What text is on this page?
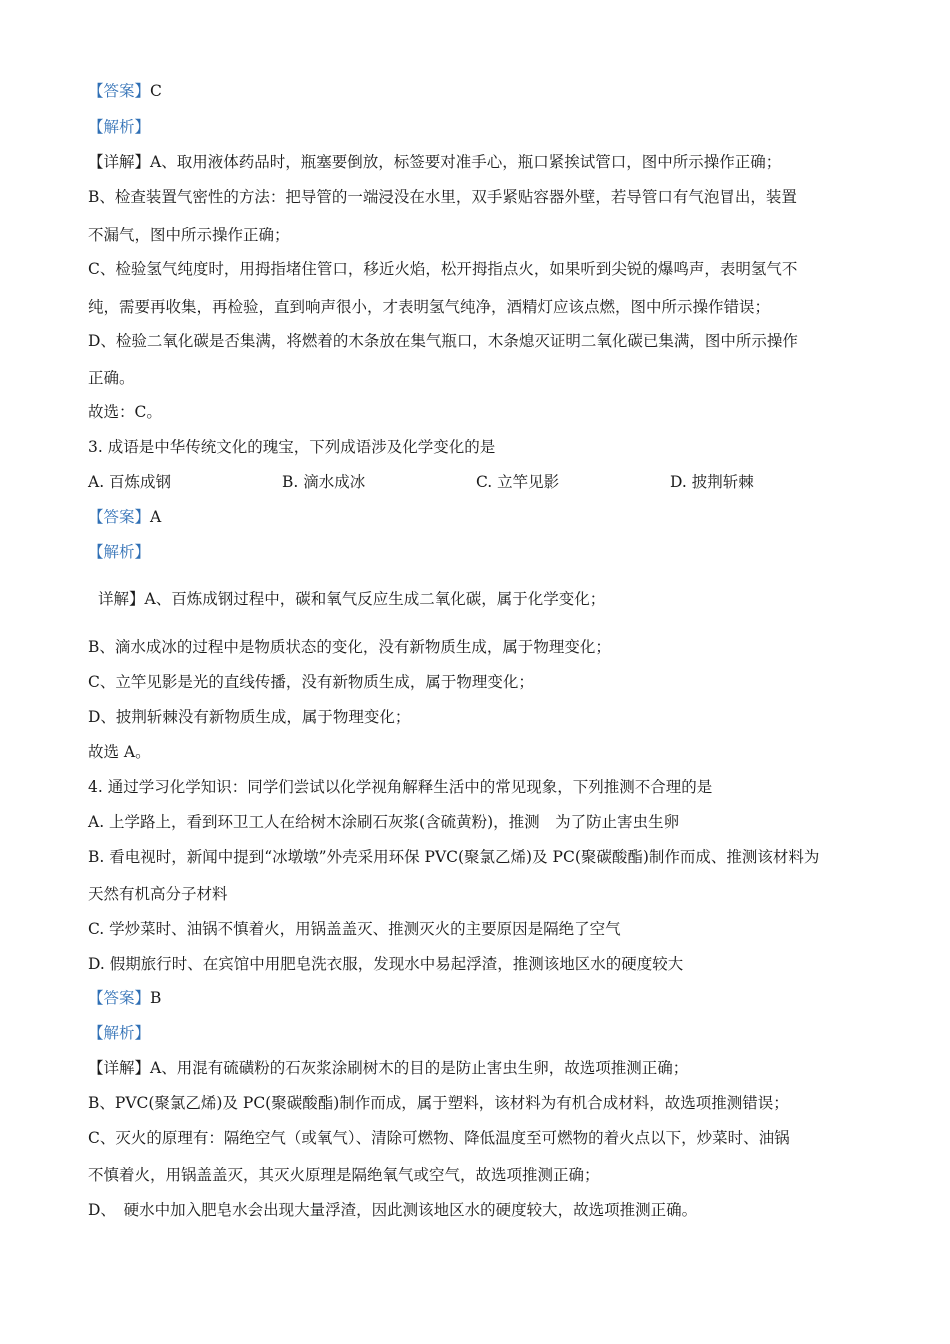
【答案】C
【解析】
【详解】A、取用液体药品时，瓶塞要倒放，标签要对准手心，瓶口紧挨试管口，图中所示操作正确；
B、检查装置气密性的方法：把导管的一端浸没在水里，双手紧贴容器外壁，若导管口有气泡冒出，装置
不漏气，图中所示操作正确；
C、检验氢气纯度时，用拇指堵住管口，移近火焰，松开拇指点火，如果听到尖锐的爆鸣声，表明氢气不
纯，需要再收集，再检验，直到响声很小，才表明氢气纯净，酒精灯应该点燃，图中所示操作错误；
D、检验二氧化碳是否集满，将燃着的木条放在集气瓶口，木条熄灭证明二氧化碳已集满，图中所示操作
正确。
故选：C。
3. 成语是中华传统文化的瑰宝，下列成语涉及化学变化的是
A. 百炼成钢	B. 滴水成冰	C. 立竿见影	D. 披荆斩棘
【答案】A
【解析】
详解】A、百炼成钢过程中，碳和氧气反应生成二氧化碳，属于化学变化；
B、滴水成冰的过程中是物质状态的变化，没有新物质生成，属于物理变化；
C、立竿见影是光的直线传播，没有新物质生成，属于物理变化；
D、披荆斩棘没有新物质生成，属于物理变化；
故选 A。
4. 通过学习化学知识：同学们尝试以化学视角解释生活中的常见现象，下列推测不合理的是
A. 上学路上，看到环卫工人在给树木涂刷石灰浆(含硫黄粉)，推测　为了防止害虫生卵
B. 看电视时，新闻中提到“冰墩墩”外壳采用环保 PVC(聚氯乙烯)及 PC(聚碳酸酯)制作而成、推测该材料为
天然有机高分子材料
C. 学炒菜时、油锅不慎着火，用锅盖盖灭、推测灭火的主要原因是隔绝了空气
D. 假期旅行时、在宾馆中用肥皂洗衣服，发现水中易起浮渣，推测该地区水的硬度较大
【答案】B
【解析】
【详解】A、用混有硫磺粉的石灰浆涂刷树木的目的是防止害虫生卵，故选项推测正确；
B、PVC(聚氯乙烯)及 PC(聚碳酸酯)制作而成，属于塑料，该材料为有机合成材料，故选项推测错误；
C、灭火的原理有：隔绝空气（或氧气）、清除可燃物、降低温度至可燃物的着火点以下，炒菜时、油锅
不慎着火，用锅盖盖灭，其灭火原理是隔绝氧气或空气，故选项推测正确；
D、　硬水中加入肥皂水会出现大量浮渣，因此测该地区水的硬度较大，故选项推测正确。
